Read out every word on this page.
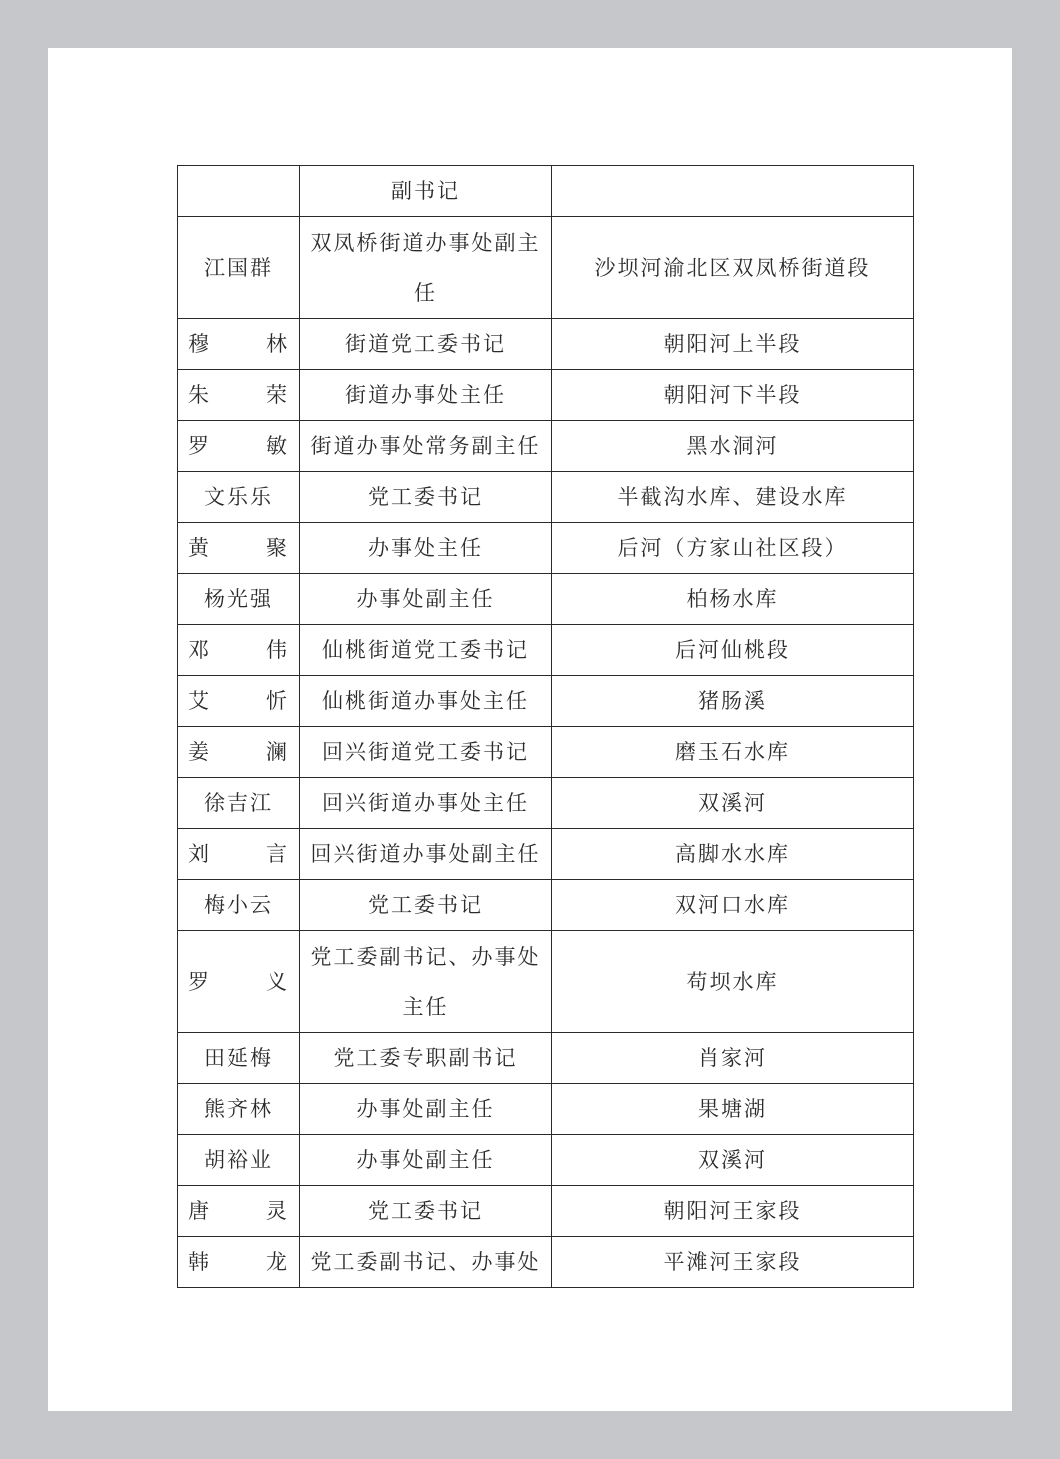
	副书记	
江国群	双凤桥街道办事处副主任	沙坝河渝北区双凤桥街道段
穆 林	街道党工委书记	朝阳河上半段
朱 荣	街道办事处主任	朝阳河下半段
罗 敏	街道办事处常务副主任	黑水洞河
文乐乐	党工委书记	半截沟水库、建设水库
黄 聚	办事处主任	后河（方家山社区段）
杨光强	办事处副主任	柏杨水库
邓 伟	仙桃街道党工委书记	后河仙桃段
艾 忻	仙桃街道办事处主任	猪肠溪
姜 澜	回兴街道党工委书记	磨玉石水库
徐吉江	回兴街道办事处主任	双溪河
刘 言	回兴街道办事处副主任	高脚水水库
梅小云	党工委书记	双河口水库
罗 义	党工委副书记、办事处主任	苟坝水库
田延梅	党工委专职副书记	肖家河
熊齐林	办事处副主任	果塘湖
胡裕业	办事处副主任	双溪河
唐 灵	党工委书记	朝阳河王家段
韩 龙	党工委副书记、办事处	平滩河王家段
